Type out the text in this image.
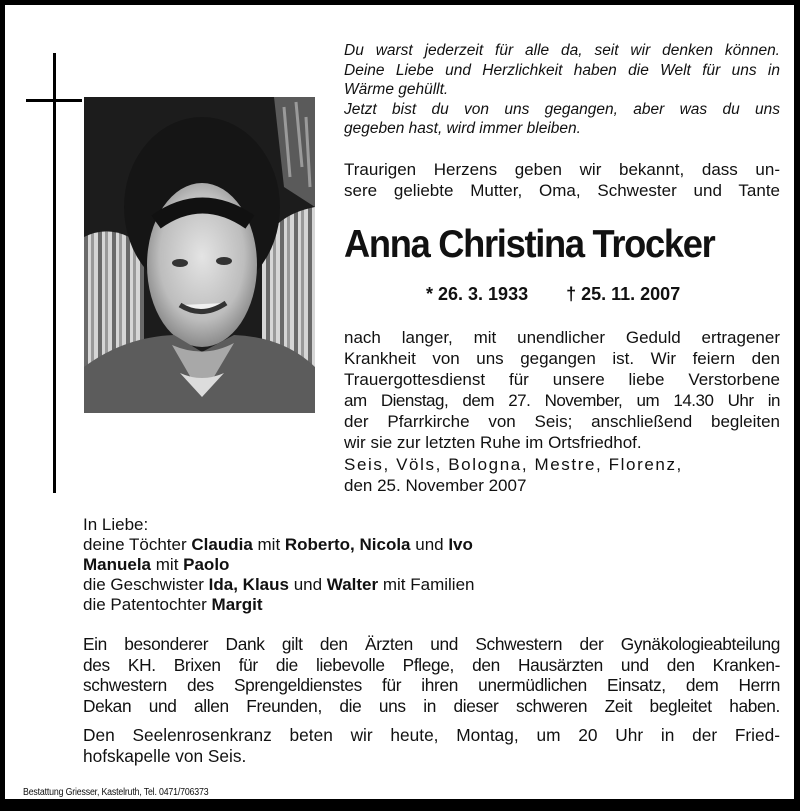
Du warst jederzeit für alle da, seit wir denken können.

Deine Liebe und Herzlichkeit haben die Welt für uns in

Wärme gehüllt.

Jetzt bist du von uns gegangen, aber was du uns

gegeben hast, wird immer bleiben.

Traurigen Herzens geben wir bekannt, dass un-

sere geliebte Mutter, Oma, Schwester und Tante

Anna Christina Trocker
* 26. 3. 1933 † 25. 11. 2007

nach langer, mit unendlicher Geduld ertragener

Krankheit von uns gegangen ist. Wir feiern den

Trauergottesdienst für unsere liebe Verstorbene

am Dienstag, dem 27. November, um 14.30 Uhr in

der Pfarrkirche von Seis; anschließend begleiten

wir sie zur letzten Ruhe im Ortsfriedhof.

Seis, Völs, Bologna, Mestre, Florenz,
den 25. November 2007
In Liebe:
deine Töchter Claudia mit Roberto, Nicola und Ivo
Manuela mit Paolo
die Geschwister Ida, Klaus und Walter mit Familien
die Patentochter Margit

Ein besonderer Dank gilt den Ärzten und Schwestern der Gynäkologieabteilung

des KH. Brixen für die liebevolle Pflege, den Hausärzten und den Kranken-

schwestern des Sprengeldienstes für ihren unermüdlichen Einsatz, dem Herrn

Dekan und allen Freunden, die uns in dieser schweren Zeit begleitet haben.

Den Seelenrosenkranz beten wir heute, Montag, um 20 Uhr in der Fried-

hofskapelle von Seis.

Bestattung Griesser, Kastelruth, Tel. 0471/706373
